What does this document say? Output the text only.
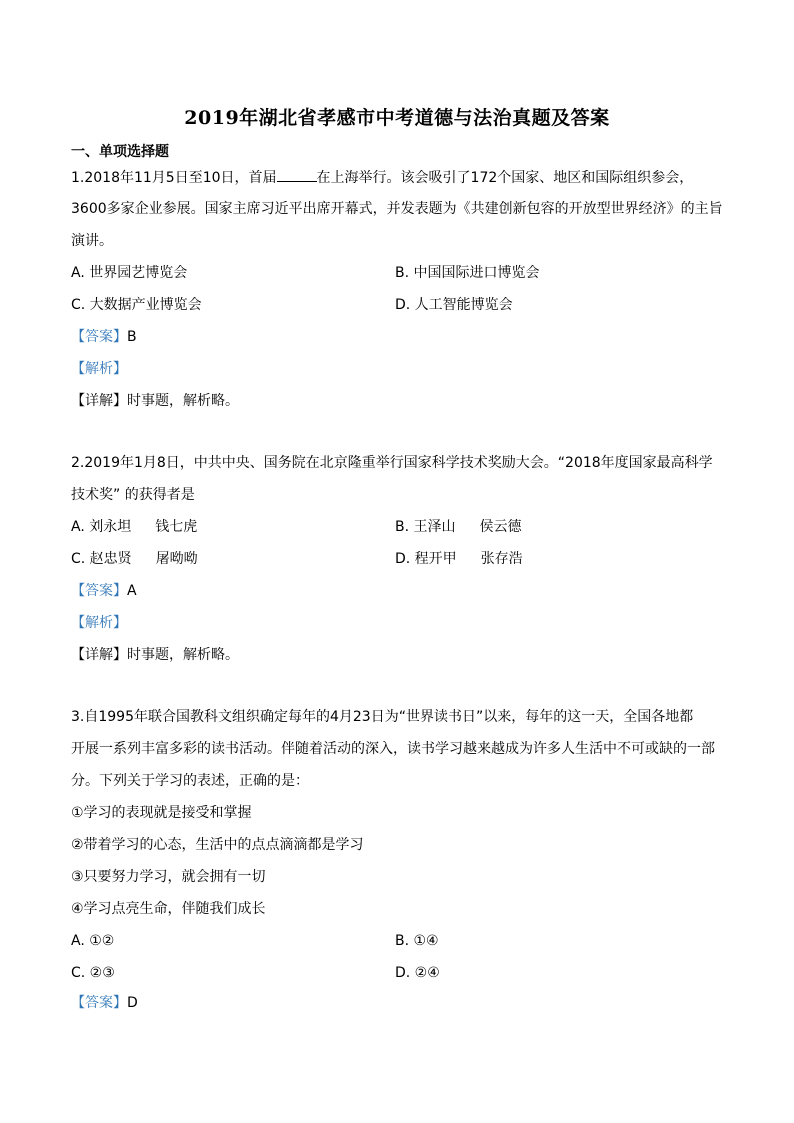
2019年湖北省孝感市中考道德与法治真题及答案
一、单项选择题
1.2018年11月5日至10日，首届	在上海举行。该会吸引了172个国家、地区和国际组织参会，
3600多家企业参展。国家主席习近平出席开幕式，并发表题为《共建创新包容的开放型世界经济》的主旨
演讲。
A. 世界园艺博览会	B. 中国国际进口博览会
C. 大数据产业博览会	D. 人工智能博览会
【答案】B
【解析】
【详解】时事题，解析略。
2.2019年1月8日，中共中央、国务院在北京隆重举行国家科学技术奖励大会。“2018年度国家最高科学
技术奖” 的获得者是
A. 刘永坦 钱七虎	B. 王泽山 侯云德
C. 赵忠贤 屠呦呦	D. 程开甲 张存浩
【答案】A
【解析】
【详解】时事题，解析略。
3.自1995年联合国教科文组织确定每年的4月23日为“世界读书日”以来，每年的这一天，全国各地都
开展一系列丰富多彩的读书活动。伴随着活动的深入，读书学习越来越成为许多人生活中不可或缺的一部
分。下列关于学习的表述，正确的是：
①学习的表现就是接受和掌握
②带着学习的心态，生活中的点点滴滴都是学习
③只要努力学习，就会拥有一切
④学习点亮生命，伴随我们成长
A. ①②	B. ①④
C. ②③	D. ②④
【答案】D
